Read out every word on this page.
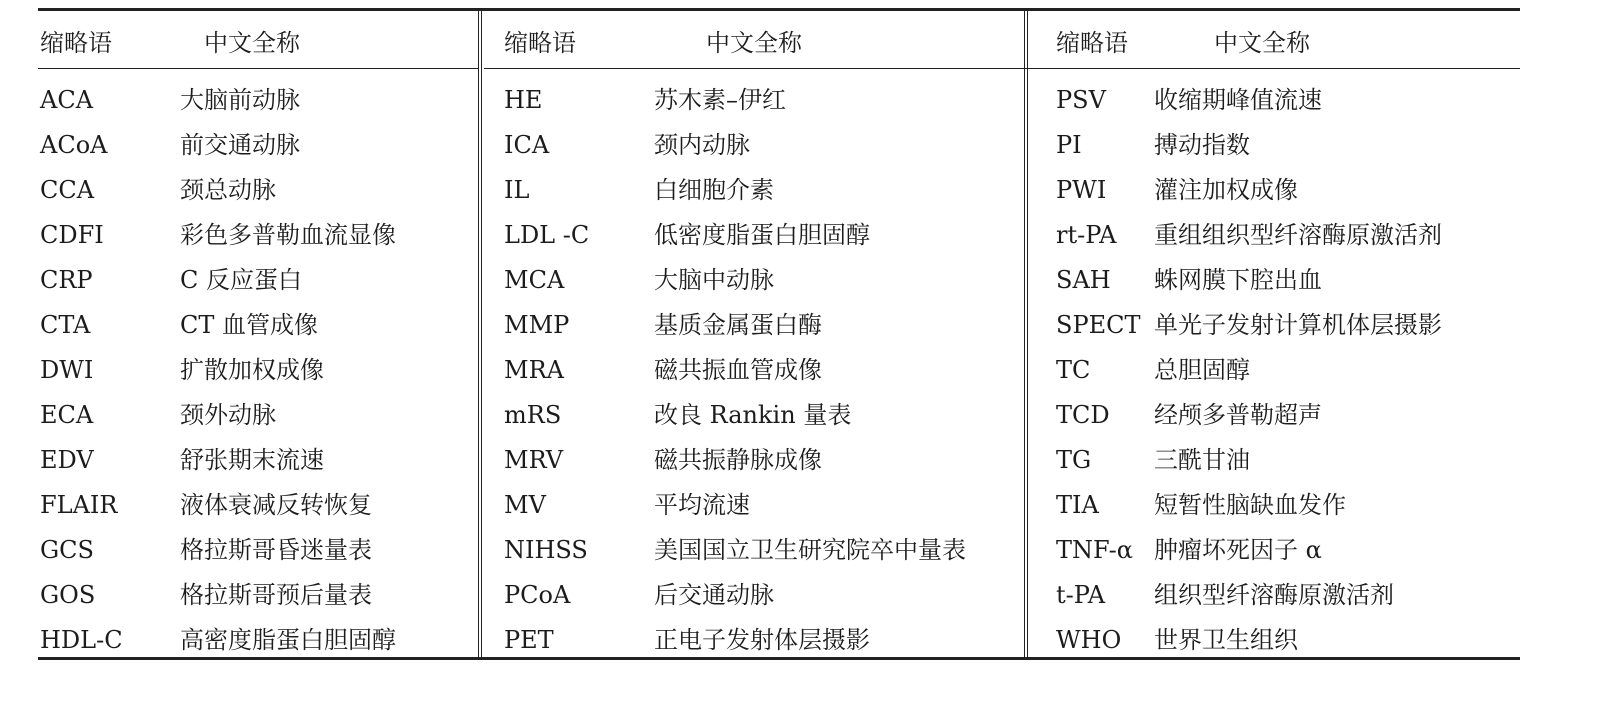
缩略语	中文全称
ACA	大脑前动脉
ACoA	前交通动脉
CCA	颈总动脉
CDFI	彩色多普勒血流显像
CRP	C 反应蛋白
CTA	CT 血管成像
DWI	扩散加权成像
ECA	颈外动脉
EDV	舒张期末流速
FLAIR	液体衰减反转恢复
GCS	格拉斯哥昏迷量表
GOS	格拉斯哥预后量表
HDL-C 高密度脂蛋白胆固醇
缩略语	中文全称
HE	苏木素–伊红
ICA	颈内动脉
IL	白细胞介素
LDL -C	低密度脂蛋白胆固醇
MCA	大脑中动脉
MMP	基质金属蛋白酶
MRA	磁共振血管成像
mRS	改良 Rankin 量表
MRV	磁共振静脉成像
MV	平均流速
NIHSS	美国国立卫生研究院卒中量表
PCoA	后交通动脉
PET	正电子发射体层摄影
缩略语	中文全称
PSV 收缩期峰值流速
PI	搏动指数
PWI 灌注加权成像
rt-PA 重组组织型纤溶酶原激活剂
SAH 蛛网膜下腔出血
SPECT 单光子发射计算机体层摄影
TC	总胆固醇
TCD 经颅多普勒超声
TG	三酰甘油
TIA 短暂性脑缺血发作
TNF-α 肿瘤坏死因子 α
t-PA 组织型纤溶酶原激活剂
WHO 世界卫生组织
